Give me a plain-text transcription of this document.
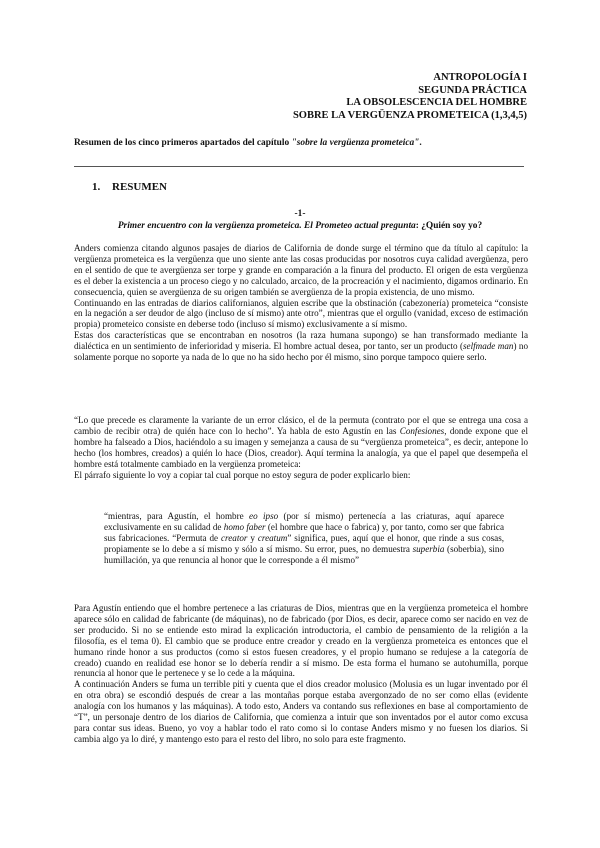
ANTROPOLOGÍA I
SEGUNDA PRÁCTICA
LA OBSOLESCENCIA DEL HOMBRE
SOBRE LA VERGÜENZA PROMETEICA (1,3,4,5)
Resumen de los cinco primeros apartados del capítulo "sobre la vergüenza prometeica".
1. RESUMEN
-1-
Primer encuentro con la vergüenza prometeica. El Prometeo actual pregunta: ¿Quién soy yo?

Anders comienza citando algunos pasajes de diarios de California de donde surge el término que da título al capítulo: la vergüenza prometeica es la vergüenza que uno siente ante las cosas producidas por nosotros cuya calidad avergüenza, pero en el sentido de que te avergüenza ser torpe y grande en comparación a la finura del producto. El origen de esta vergüenza es el deber la existencia a un proceso ciego y no calculado, arcaico, de la procreación y el nacimiento, digamos ordinario. En consecuencia, quien se avergüenza de su origen también se avergüenza de la propia existencia, de uno mismo.

Continuando en las entradas de diarios californianos, alguien escribe que la obstinación (cabezonería) prometeica “consiste en la negación a ser deudor de algo (incluso de sí mismo) ante otro”, mientras que el orgullo (vanidad, exceso de estimación propia) prometeico consiste en deberse todo (incluso sí mismo) exclusivamente a sí mismo.

Estas dos características que se encontraban en nosotros (la raza humana supongo) se han transformado mediante la dialéctica en un sentimiento de inferioridad y miseria. El hombre actual desea, por tanto, ser un producto (selfmade man) no solamente porque no soporte ya nada de lo que no ha sido hecho por él mismo, sino porque tampoco quiere serlo.

“Lo que precede es claramente la variante de un error clásico, el de la permuta (contrato por el que se entrega una cosa a cambio de recibir otra) de quién hace con lo hecho”. Ya habla de esto Agustín en las Confesiones, donde expone que el hombre ha falseado a Dios, haciéndolo a su imagen y semejanza a causa de su “vergüenza prometeica”, es decir, antepone lo hecho (los hombres, creados) a quién lo hace (Dios, creador). Aquí termina la analogía, ya que el papel que desempeña el hombre está totalmente cambiado en la vergüenza prometeica:

El párrafo siguiente lo voy a copiar tal cual porque no estoy segura de poder explicarlo bien:

“mientras, para Agustín, el hombre eo ipso (por sí mismo) pertenecía a las criaturas, aquí aparece exclusivamente en su calidad de homo faber (el hombre que hace o fabrica) y, por tanto, como ser que fabrica sus fabricaciones. “Permuta de creator y creatum” significa, pues, aquí que el honor, que rinde a sus cosas, propiamente se lo debe a sí mismo y sólo a sí mismo. Su error, pues, no demuestra superbia (soberbia), sino humillación, ya que renuncia al honor que le corresponde a él mismo”

Para Agustín entiendo que el hombre pertenece a las criaturas de Dios, mientras que en la vergüenza prometeica el hombre aparece sólo en calidad de fabricante (de máquinas), no de fabricado (por Dios, es decir, aparece como ser nacido en vez de ser producido. Si no se entiende esto mirad la explicación introductoria, el cambio de pensamiento de la religión a la filosofía, es el tema 0). El cambio que se produce entre creador y creado en la vergüenza prometeica es entonces que el humano rinde honor a sus productos (como si estos fuesen creadores, y el propio humano se redujese a la categoría de creado) cuando en realidad ese honor se lo debería rendir a sí mismo. De esta forma el humano se autohumilla, porque renuncia al honor que le pertenece y se lo cede a la máquina.

A continuación Anders se fuma un terrible piti y cuenta que el dios creador molusico (Molusia es un lugar inventado por él en otra obra) se escondió después de crear a las montañas porque estaba avergonzado de no ser como ellas (evidente analogía con los humanos y las máquinas). A todo esto, Anders va contando sus reflexiones en base al comportamiento de “T”, un personaje dentro de los diarios de California, que comienza a intuir que son inventados por el autor como excusa para contar sus ideas. Bueno, yo voy a hablar todo el rato como si lo contase Anders mismo y no fuesen los diarios. Si cambia algo ya lo diré, y mantengo esto para el resto del libro, no solo para este fragmento.
